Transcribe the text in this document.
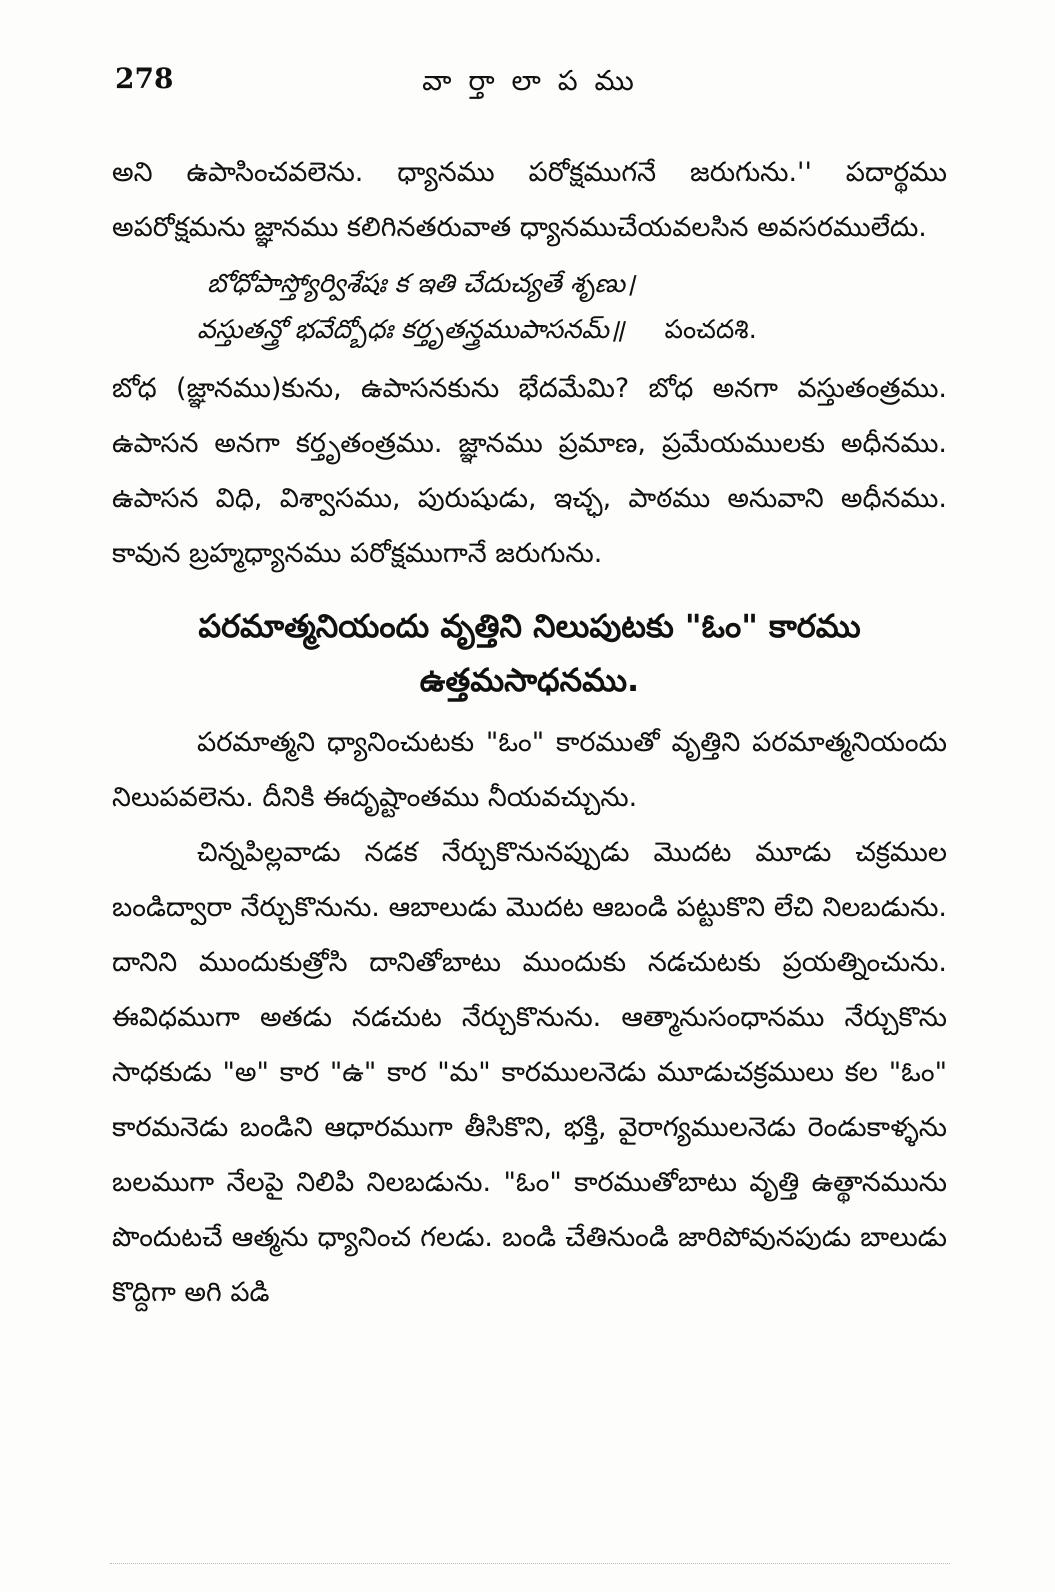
278	వా ర్తా లా ప ము

అని ఉపాసించవలెను. ధ్యానము పరోక్షముగనే జరుగును.'' పదార్థము అపరోక్షమను జ్ఞానము కలిగినతరువాత ధ్యానముచేయవలసిన అవసరములేదు.

బోధోపాస్త్యోర్విశేషః క ఇతి చేదుచ్యతే శృణు।
వస్తుతన్త్రో భవేద్బోధః కర్తృతన్త్రముపాసనమ్॥ పంచదశి.

బోధ (జ్ఞానము)కును, ఉపాసనకును భేదమేమి? బోధ అనగా వస్తుతంత్రము. ఉపాసన అనగా కర్తృతంత్రము. జ్ఞానము ప్రమాణ, ప్రమేయములకు అధీనము. ఉపాసన విధి, విశ్వాసము, పురుషుడు, ఇచ్ఛ, పాఠము అనువాని అధీనము. కావున బ్రహ్మధ్యానము పరోక్షముగానే జరుగును.

పరమాత్మనియందు వృత్తిని నిలుపుటకు "ఓం" కారము
ఉత్తమసాధనము.

పరమాత్మని ధ్యానించుటకు "ఓం" కారముతో వృత్తిని పరమాత్మనియందు నిలుపవలెను. దీనికి ఈదృష్టాంతము నీయవచ్చును.

చిన్నపిల్లవాడు నడక నేర్చుకొనునప్పుడు మొదట మూడు చక్రముల బండిద్వారా నేర్చుకొనును. ఆబాలుడు మొదట ఆబండి పట్టుకొని లేచి నిలబడును. దానిని ముందుకుత్రోసి దానితోబాటు ముందుకు నడచుటకు ప్రయత్నించును. ఈవిధముగా అతడు నడచుట నేర్చుకొనును. ఆత్మానుసంధానము నేర్చుకొను సాధకుడు "అ" కార "ఉ" కార "మ" కారములనెడు మూడుచక్రములు కల "ఓం" కారమనెడు బండిని ఆధారముగా తీసికొని, భక్తి, వైరాగ్యములనెడు రెండుకాళ్ళను బలముగా నేలపై నిలిపి నిలబడును. "ఓం" కారముతోబాటు వృత్తి ఉత్థానమును పొందుటచే ఆత్మను ధ్యానించ గలడు. బండి చేతినుండి జారిపోవునపుడు బాలుడు కొద్దిగా అగి పడి
